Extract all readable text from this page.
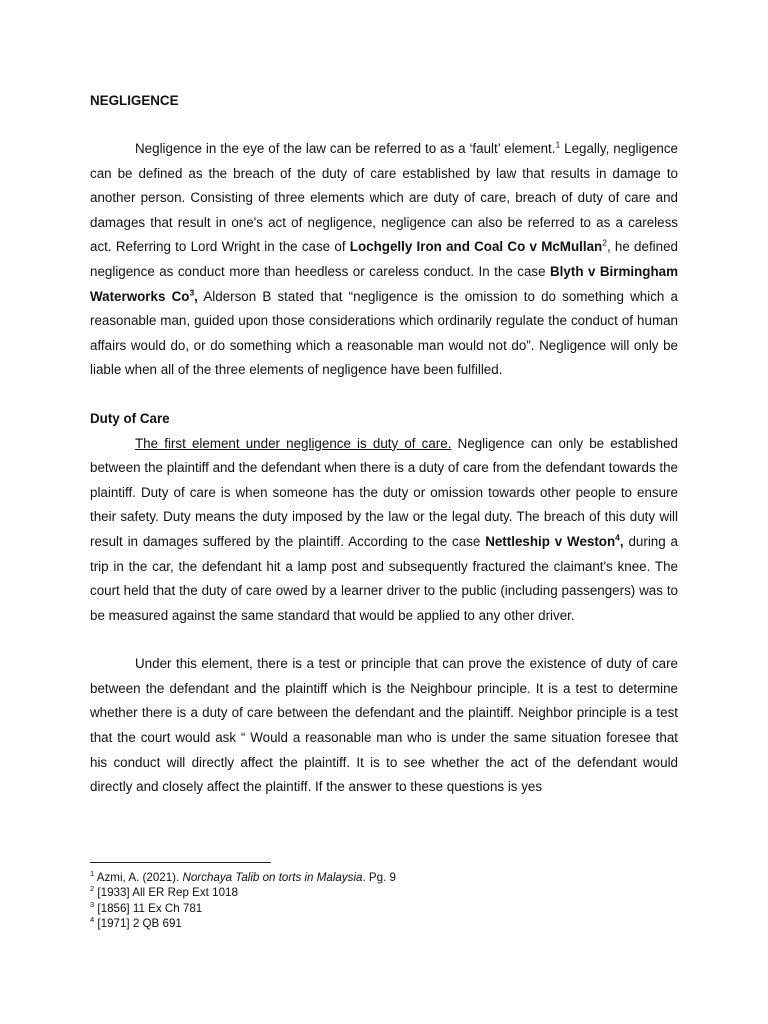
NEGLIGENCE

Negligence in the eye of the law can be referred to as a ‘fault’ element.$^1$ Legally, negligence can be defined as the breach of the duty of care established by law that results in damage to another person. Consisting of three elements which are duty of care, breach of duty of care and damages that result in one's act of negligence, negligence can also be referred to as a careless act. Referring to Lord Wright in the case of Lochgelly Iron and Coal Co v McMullan$^2$, he defined negligence as conduct more than heedless or careless conduct. In the case Blyth v Birmingham Waterworks Co$^3$, Alderson B stated that “negligence is the omission to do something which a reasonable man, guided upon those considerations which ordinarily regulate the conduct of human affairs would do, or do something which a reasonable man would not do”. Negligence will only be liable when all of the three elements of negligence have been fulfilled.

Duty of Care

The first element under negligence is duty of care. Negligence can only be established between the plaintiff and the defendant when there is a duty of care from the defendant towards the plaintiff. Duty of care is when someone has the duty or omission towards other people to ensure their safety. Duty means the duty imposed by the law or the legal duty. The breach of this duty will result in damages suffered by the plaintiff. According to the case Nettleship v Weston$^4$, during a trip in the car, the defendant hit a lamp post and subsequently fractured the claimant's knee. The court held that the duty of care owed by a learner driver to the public (including passengers) was to be measured against the same standard that would be applied to any other driver.

Under this element, there is a test or principle that can prove the existence of duty of care between the defendant and the plaintiff which is the Neighbour principle. It is a test to determine whether there is a duty of care between the defendant and the plaintiff. Neighbor principle is a test that the court would ask “ Would a reasonable man who is under the same situation foresee that his conduct will directly affect the plaintiff. It is to see whether the act of the defendant would directly and closely affect the plaintiff. If the answer to these questions is yes

$^1$ Azmi, A. (2021). Norchaya Talib on torts in Malaysia. Pg. 9
$^2$ [1933] All ER Rep Ext 1018
$^3$ [1856] 11 Ex Ch 781
$^4$ [1971] 2 QB 691
